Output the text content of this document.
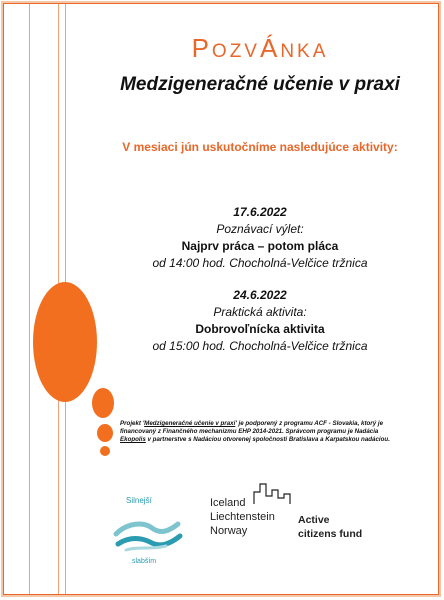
POZVÁNKA
Medzigeneračné učenie v praxi
V mesiaci jún uskutočníme nasledujúce aktivity:
17.6.2022
Poznávací výlet:
Najprv práca – potom pláca
od 14:00 hod. Chocholná-Velčice tržnica
24.6.2022
Praktická aktivita:
Dobrovoľnícka aktivita
od 15:00 hod. Chocholná-Velčice tržnica
Projekt 'Medzigeneračné učenie v praxi' je podporený z programu ACF - Slovakia, ktorý je financovaný z Finančného mechanizmu EHP 2014-2021. Správcom programu je Nadácia Ekopolis v partnerstve s Nadáciou otvorenej spoločnosti Bratislava a Karpatskou nadáciou.
Silnejší
slabším
Iceland
Liechtenstein
Norway
Active
citizens fund
